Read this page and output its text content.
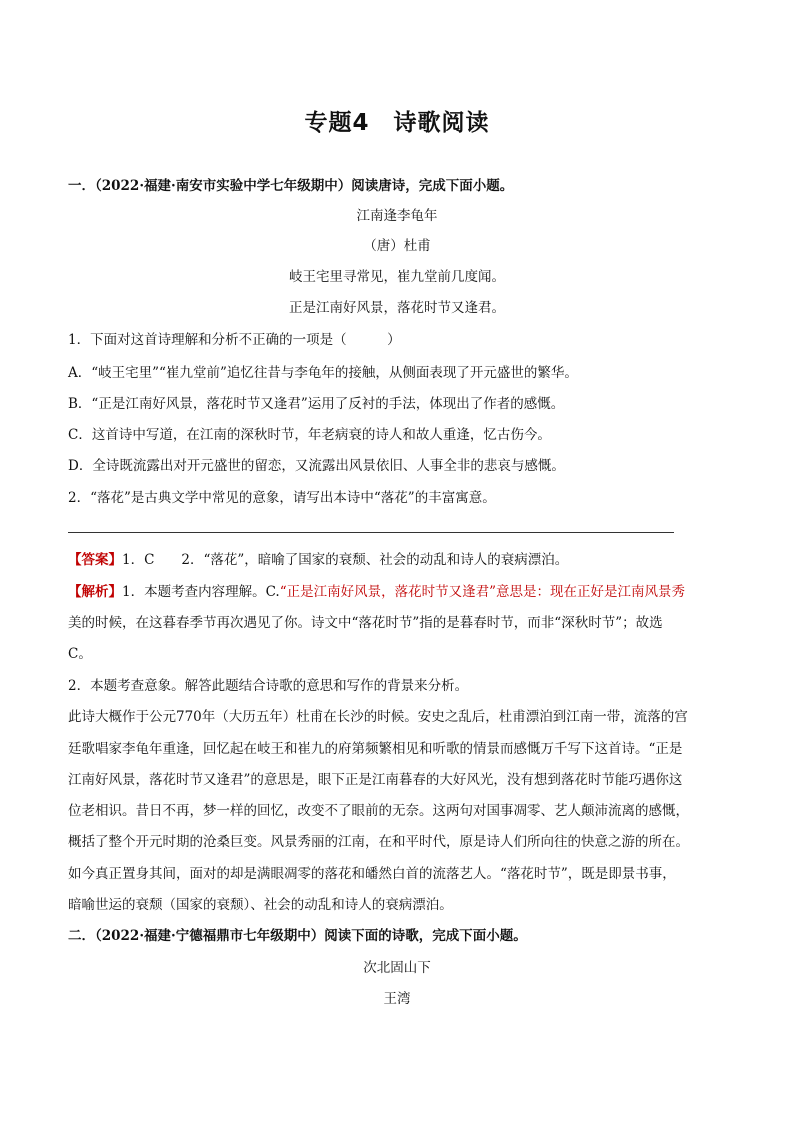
专题4　诗歌阅读
一．（2022·福建·南安市实验中学七年级期中）阅读唐诗，完成下面小题。
江南逢李龟年
（唐）杜甫
岐王宅里寻常见，崔九堂前几度闻。
正是江南好风景，落花时节又逢君。
1．下面对这首诗理解和分析不正确的一项是（　　　）
A．“岐王宅里”“崔九堂前”追忆往昔与李龟年的接触，从侧面表现了开元盛世的繁华。
B．“正是江南好风景，落花时节又逢君”运用了反衬的手法，体现出了作者的感慨。
C．这首诗中写道，在江南的深秋时节，年老病衰的诗人和故人重逢，忆古伤今。
D．全诗既流露出对开元盛世的留恋，又流露出风景依旧、人事全非的悲哀与感慨。
2．“落花”是古典文学中常见的意象，请写出本诗中“落花”的丰富寓意。
【答案】1．C　　2．“落花”，暗喻了国家的衰颓、社会的动乱和诗人的衰病漂泊。
【解析】1．本题考查内容理解。C.“正是江南好风景，落花时节又逢君”意思是：现在正好是江南风景秀
美的时候，在这暮春季节再次遇见了你。诗文中“落花时节”指的是暮春时节，而非“深秋时节”；故选
C。
2．本题考查意象。解答此题结合诗歌的意思和写作的背景来分析。
此诗大概作于公元770年（大历五年）杜甫在长沙的时候。安史之乱后，杜甫漂泊到江南一带，流落的宫
廷歌唱家李龟年重逢，回忆起在岐王和崔九的府第频繁相见和听歌的情景而感慨万千写下这首诗。“正是
江南好风景，落花时节又逢君”的意思是，眼下正是江南暮春的大好风光，没有想到落花时节能巧遇你这
位老相识。昔日不再，梦一样的回忆，改变不了眼前的无奈。这两句对国事凋零、艺人颠沛流离的感慨，
概括了整个开元时期的沧桑巨变。风景秀丽的江南，在和平时代，原是诗人们所向往的快意之游的所在。
如今真正置身其间，面对的却是满眼凋零的落花和皤然白首的流落艺人。“落花时节”，既是即景书事，
暗喻世运的衰颓（国家的衰颓）、社会的动乱和诗人的衰病漂泊。
二．（2022·福建·宁德福鼎市七年级期中）阅读下面的诗歌，完成下面小题。
次北固山下
王湾
